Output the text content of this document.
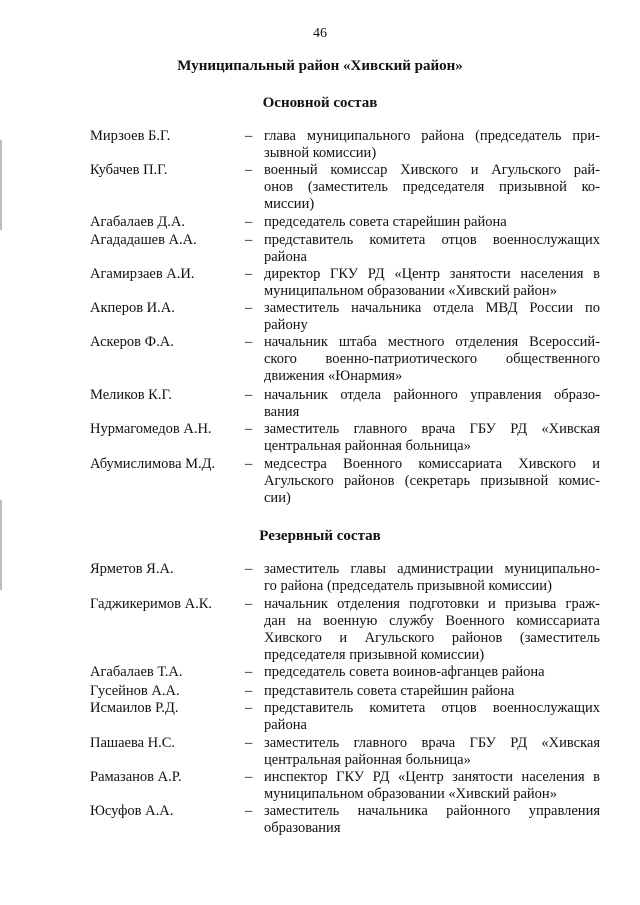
46
Муниципальный район «Хивский район»
Основной состав
Резервный состав
Мирзоев Б.Г.	– глава муниципального района (председатель при-
зывной комиссии)
Кубачев П.Г.	– военный комиссар Хивского и Агульского рай-
онов (заместитель председателя призывной ко-
миссии)
Агабалаев Д.А.	– председатель совета старейшин района
Агададашев А.А.	– представитель комитета отцов военнослужащих
района
Агамирзаев А.И.	– директор ГКУ РД «Центр занятости населения в
муниципальном образовании «Хивский район»
Акперов И.А.	– заместитель начальника отдела МВД России по
району
Аскеров Ф.А.	– начальник штаба местного отделения Всероссий-
ского военно-патриотического общественного
движения «Юнармия»
Меликов К.Г.	– начальник отдела районного управления образо-
вания
Нурмагомедов А.Н. – заместитель главного врача ГБУ РД «Хивская
центральная районная больница»
Абумислимова М.Д. – медсестра Военного комиссариата Хивского и
Агульского районов (секретарь призывной комис-
сии)
Ярметов Я.А.	– заместитель главы администрации муниципально-
го района (председатель призывной комиссии)
Гаджикеримов А.К. – начальник отделения подготовки и призыва граж-
дан на военную службу Военного комиссариата
Хивского и Агульского районов (заместитель
председателя призывной комиссии)
Агабалаев Т.А.	– председатель совета воинов-афганцев района
Гусейнов А.А.	– представитель совета старейшин района
Исмаилов Р.Д.	– представитель комитета отцов военнослужащих
района
Пашаева Н.С.	– заместитель главного врача ГБУ РД «Хивская
центральная районная больница»
Рамазанов А.Р.	– инспектор ГКУ РД «Центр занятости населения в
муниципальном образовании «Хивский район»
Юсуфов А.А.	– заместитель начальника районного управления
образования
